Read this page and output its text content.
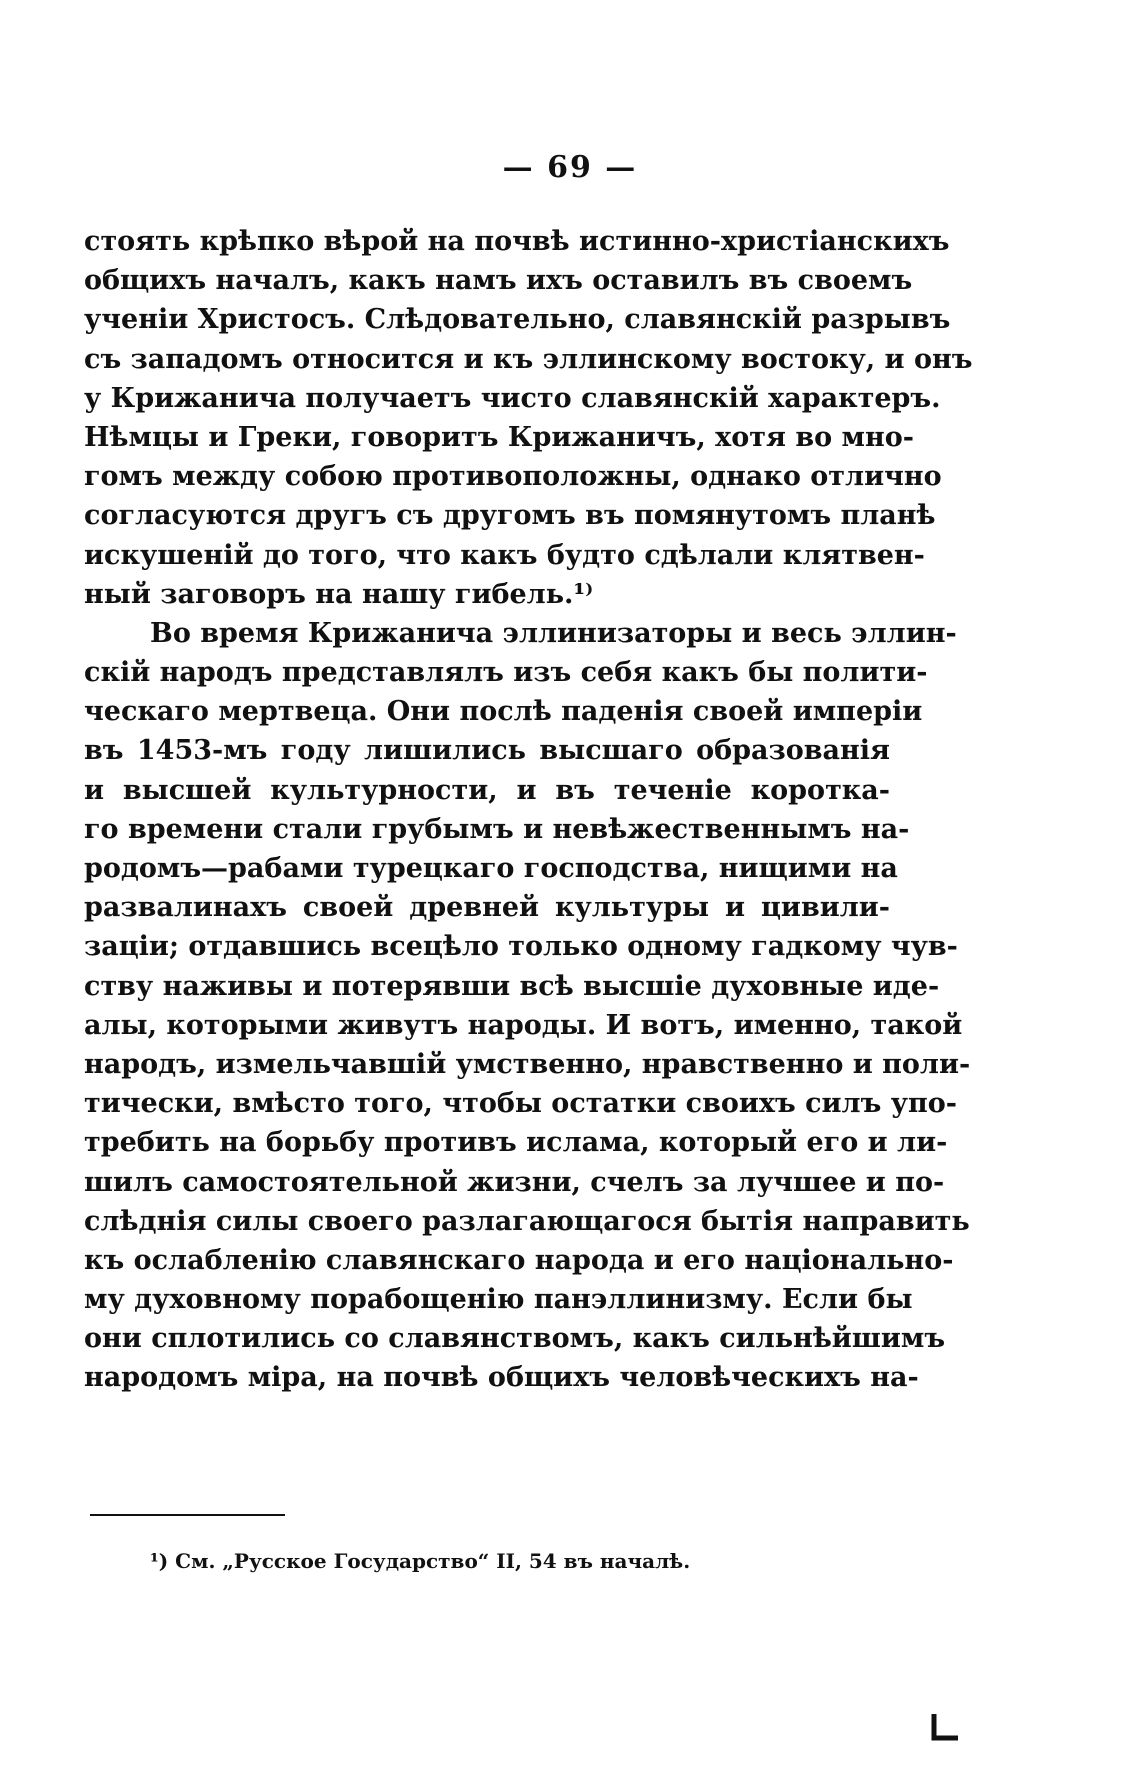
— 69 —
стоять крѣпко вѣрой на почвѣ истинно-христіанскихъ
общихъ началъ, какъ намъ ихъ оставилъ въ своемъ
ученіи Христосъ. Слѣдовательно, славянскій разрывъ
съ западомъ относится и къ эллинскому востоку, и онъ
у Крижанича получаетъ чисто славянскій характеръ.
Нѣмцы и Греки, говоритъ Крижаничъ, хотя во мно-
гомъ между собою противоположны, однако отлично
согласуются другъ съ другомъ въ помянутомъ планѣ
искушеній до того, что какъ будто сдѣлали клятвен-
ный заговоръ на нашу гибель.¹⁾
Во время Крижанича эллинизаторы и весь эллин-
скій народъ представлялъ изъ себя какъ бы полити-
ческаго мертвеца. Они послѣ паденія своей имперіи
въ 1453-мъ году лишились высшаго образованія
и высшей культурности, и въ теченіе коротка-
го времени стали грубымъ и невѣжественнымъ на-
родомъ—рабами турецкаго господства, нищими на
развалинахъ своей древней культуры и цивили-
заціи; отдавшись всецѣло только одному гадкому чув-
ству наживы и потерявши всѣ высшіе духовные иде-
алы, которыми живутъ народы. И вотъ, именно, такой
народъ, измельчавшій умственно, нравственно и поли-
тически, вмѣсто того, чтобы остатки своихъ силъ упо-
требить на борьбу противъ ислама, который его и ли-
шилъ самостоятельной жизни, счелъ за лучшее и по-
слѣднія силы своего разлагающагося бытія направить
къ ослабленію славянскаго народа и его національно-
му духовному порабощенію панэллинизму. Если бы
они сплотились со славянствомъ, какъ сильнѣйшимъ
народомъ міра, на почвѣ общихъ человѣческихъ на-
¹) См. „Русское Государство“ II, 54 въ началѣ.
